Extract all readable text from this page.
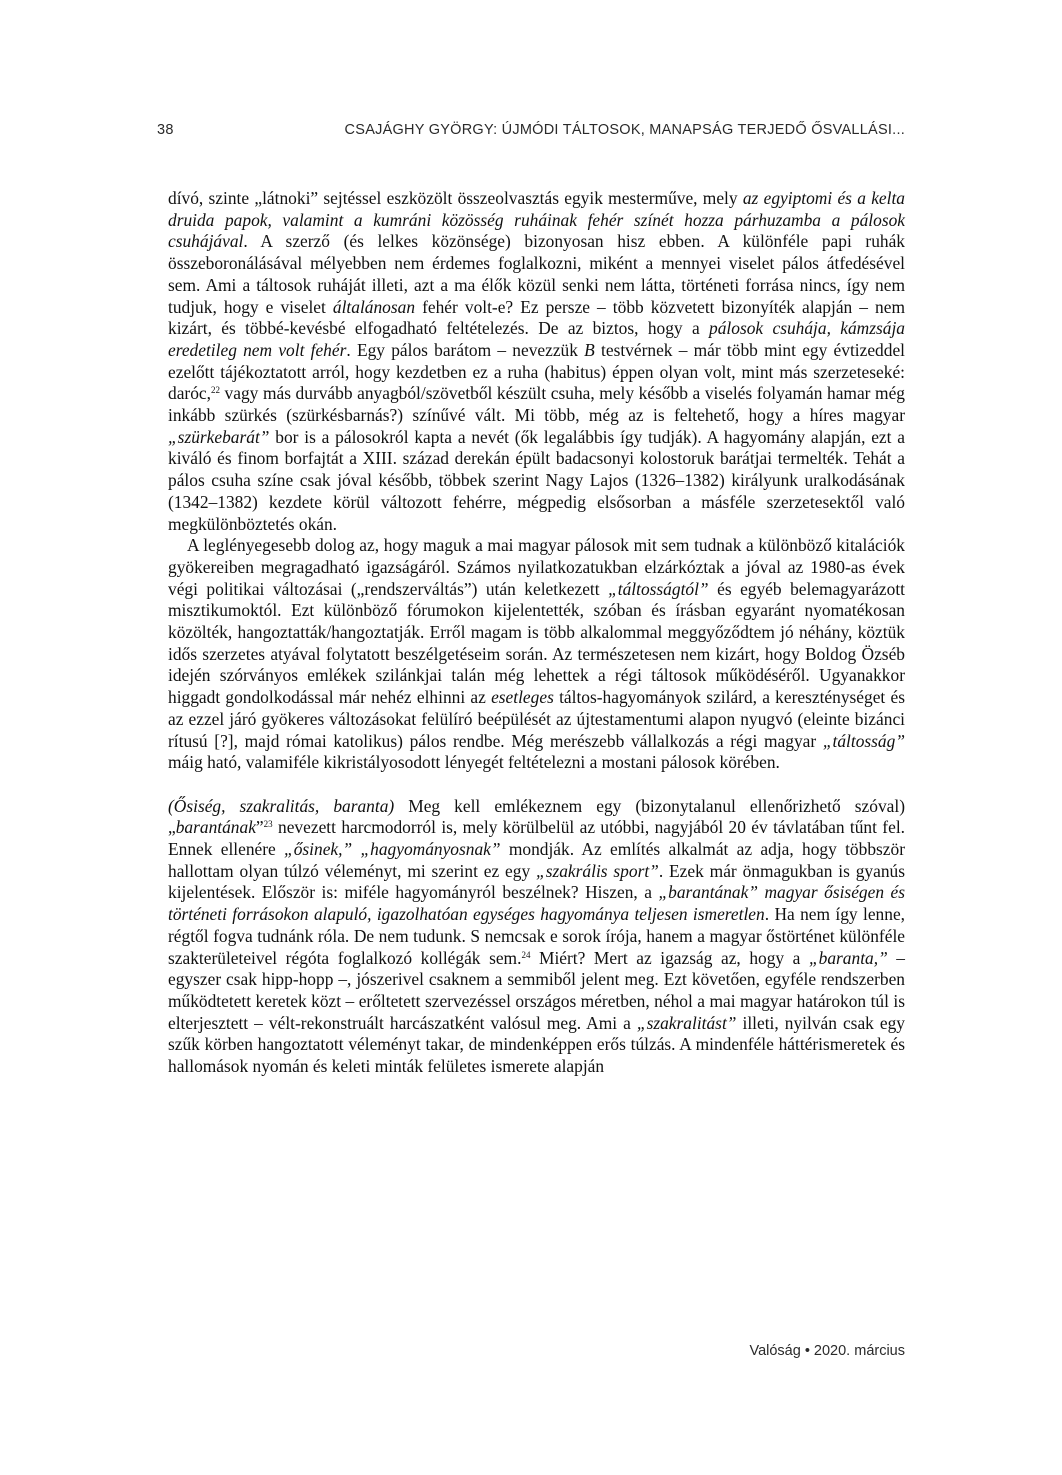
38	CSAJÁGHY GYÖRGY: ÚJMÓDI TÁLTOSOK, MANAPSÁG TERJEDŐ ŐSVALLÁSI...

dívó, szinte „látnoki” sejtéssel eszközölt összeolvasztás egyik mesterműve, mely az egyiptomi és a kelta druida papok, valamint a kumráni közösség ruháinak fehér színét hozza párhuzamba a pálosok csuhájával. A szerző (és lelkes közönsége) bizonyosan hisz ebben. A különféle papi ruhák összeboronálásával mélyebben nem érdemes foglalkozni, miként a mennyei viselet pálos átfedésével sem. Ami a táltosok ruháját illeti, azt a ma élők közül senki nem látta, történeti forrása nincs, így nem tudjuk, hogy e viselet általánosan fehér volt-e? Ez persze – több közvetett bizonyíték alapján – nem kizárt, és többé-kevésbé elfogadható feltételezés. De az biztos, hogy a pálosok csuhája, kámzsája eredetileg nem volt fehér. Egy pálos barátom – nevezzük B testvérnek – már több mint egy évtizeddel ezelőtt tájékoztatott arról, hogy kezdetben ez a ruha (habitus) éppen olyan volt, mint más szerzeteseké: daróc,$^{22}$ vagy más durvább anyagból/szövetből készült csuha, mely később a viselés folyamán hamar még inkább szürkés (szürkésbarnás?) színűvé vált. Mi több, még az is feltehető, hogy a híres magyar „szürkebarát” bor is a pálosokról kapta a nevét (ők legalábbis így tudják). A hagyomány alapján, ezt a kiváló és finom borfajtát a XIII. század derekán épült badacsonyi kolostoruk barátjai termelték. Tehát a pálos csuha színe csak jóval később, többek szerint Nagy Lajos (1326–1382) királyunk uralkodásának (1342–1382) kezdete körül változott fehérre, mégpedig elsősorban a másféle szerzetesektől való megkülönböztetés okán.

A leglényegesebb dolog az, hogy maguk a mai magyar pálosok mit sem tudnak a különböző kitalációk gyökereiben megragadható igazságáról. Számos nyilatkozatukban elzárkóztak a jóval az 1980-as évek végi politikai változásai („rendszerváltás”) után keletkezett „táltosságtól” és egyéb belemagyarázott misztikumoktól. Ezt különböző fórumokon kijelentették, szóban és írásban egyaránt nyomatékosan közölték, hangoztatták/hangoztatják. Erről magam is több alkalommal meggyőződtem jó néhány, köztük idős szerzetes atyával folytatott beszélgetéseim során. Az természetesen nem kizárt, hogy Boldog Özséb idején szórványos emlékek szilánkjai talán még lehettek a régi táltosok működéséről. Ugyanakkor higgadt gondolkodással már nehéz elhinni az esetleges táltos-hagyományok szilárd, a kereszténységet és az ezzel járó gyökeres változásokat felülíró beépülését az újtestamentumi alapon nyugvó (eleinte bizánci rítusú [?], majd római katolikus) pálos rendbe. Még merészebb vállalkozás a régi magyar „táltosság” máig ható, valamiféle kikristályosodott lényegét feltételezni a mostani pálosok körében.

(Ősiség, szakralitás, baranta) Meg kell emlékeznem egy (bizonytalanul ellenőrizhető szóval) „barantának”$^{23}$ nevezett harcmodorról is, mely körülbelül az utóbbi, nagyjából 20 év távlatában tűnt fel. Ennek ellenére „ősinek,” „hagyományosnak” mondják. Az említés alkalmát az adja, hogy többször hallottam olyan túlzó véleményt, mi szerint ez egy „szakrális sport”. Ezek már önmagukban is gyanús kijelentések. Először is: miféle hagyományról beszélnek? Hiszen, a „barantának” magyar ősiségen és történeti forrásokon alapuló, igazolhatóan egységes hagyománya teljesen ismeretlen. Ha nem így lenne, régtől fogva tudnánk róla. De nem tudunk. S nemcsak e sorok írója, hanem a magyar őstörténet különféle szakterületeivel régóta foglalkozó kollégák sem.$^{24}$ Miért? Mert az igazság az, hogy a „baranta,” – egyszer csak hipp-hopp –, jószerivel csaknem a semmiből jelent meg. Ezt követően, egyféle rendszerben működtetett keretek közt – erőltetett szervezéssel országos méretben, néhol a mai magyar határokon túl is elterjesztett – vélt-rekonstruált harcászatként valósul meg. Ami a „szakralitást” illeti, nyilván csak egy szűk körben hangoztatott véleményt takar, de mindenképpen erős túlzás. A mindenféle háttérismeretek és hallomások nyomán és keleti minták felületes ismerete alapján

Valóság • 2020. március
